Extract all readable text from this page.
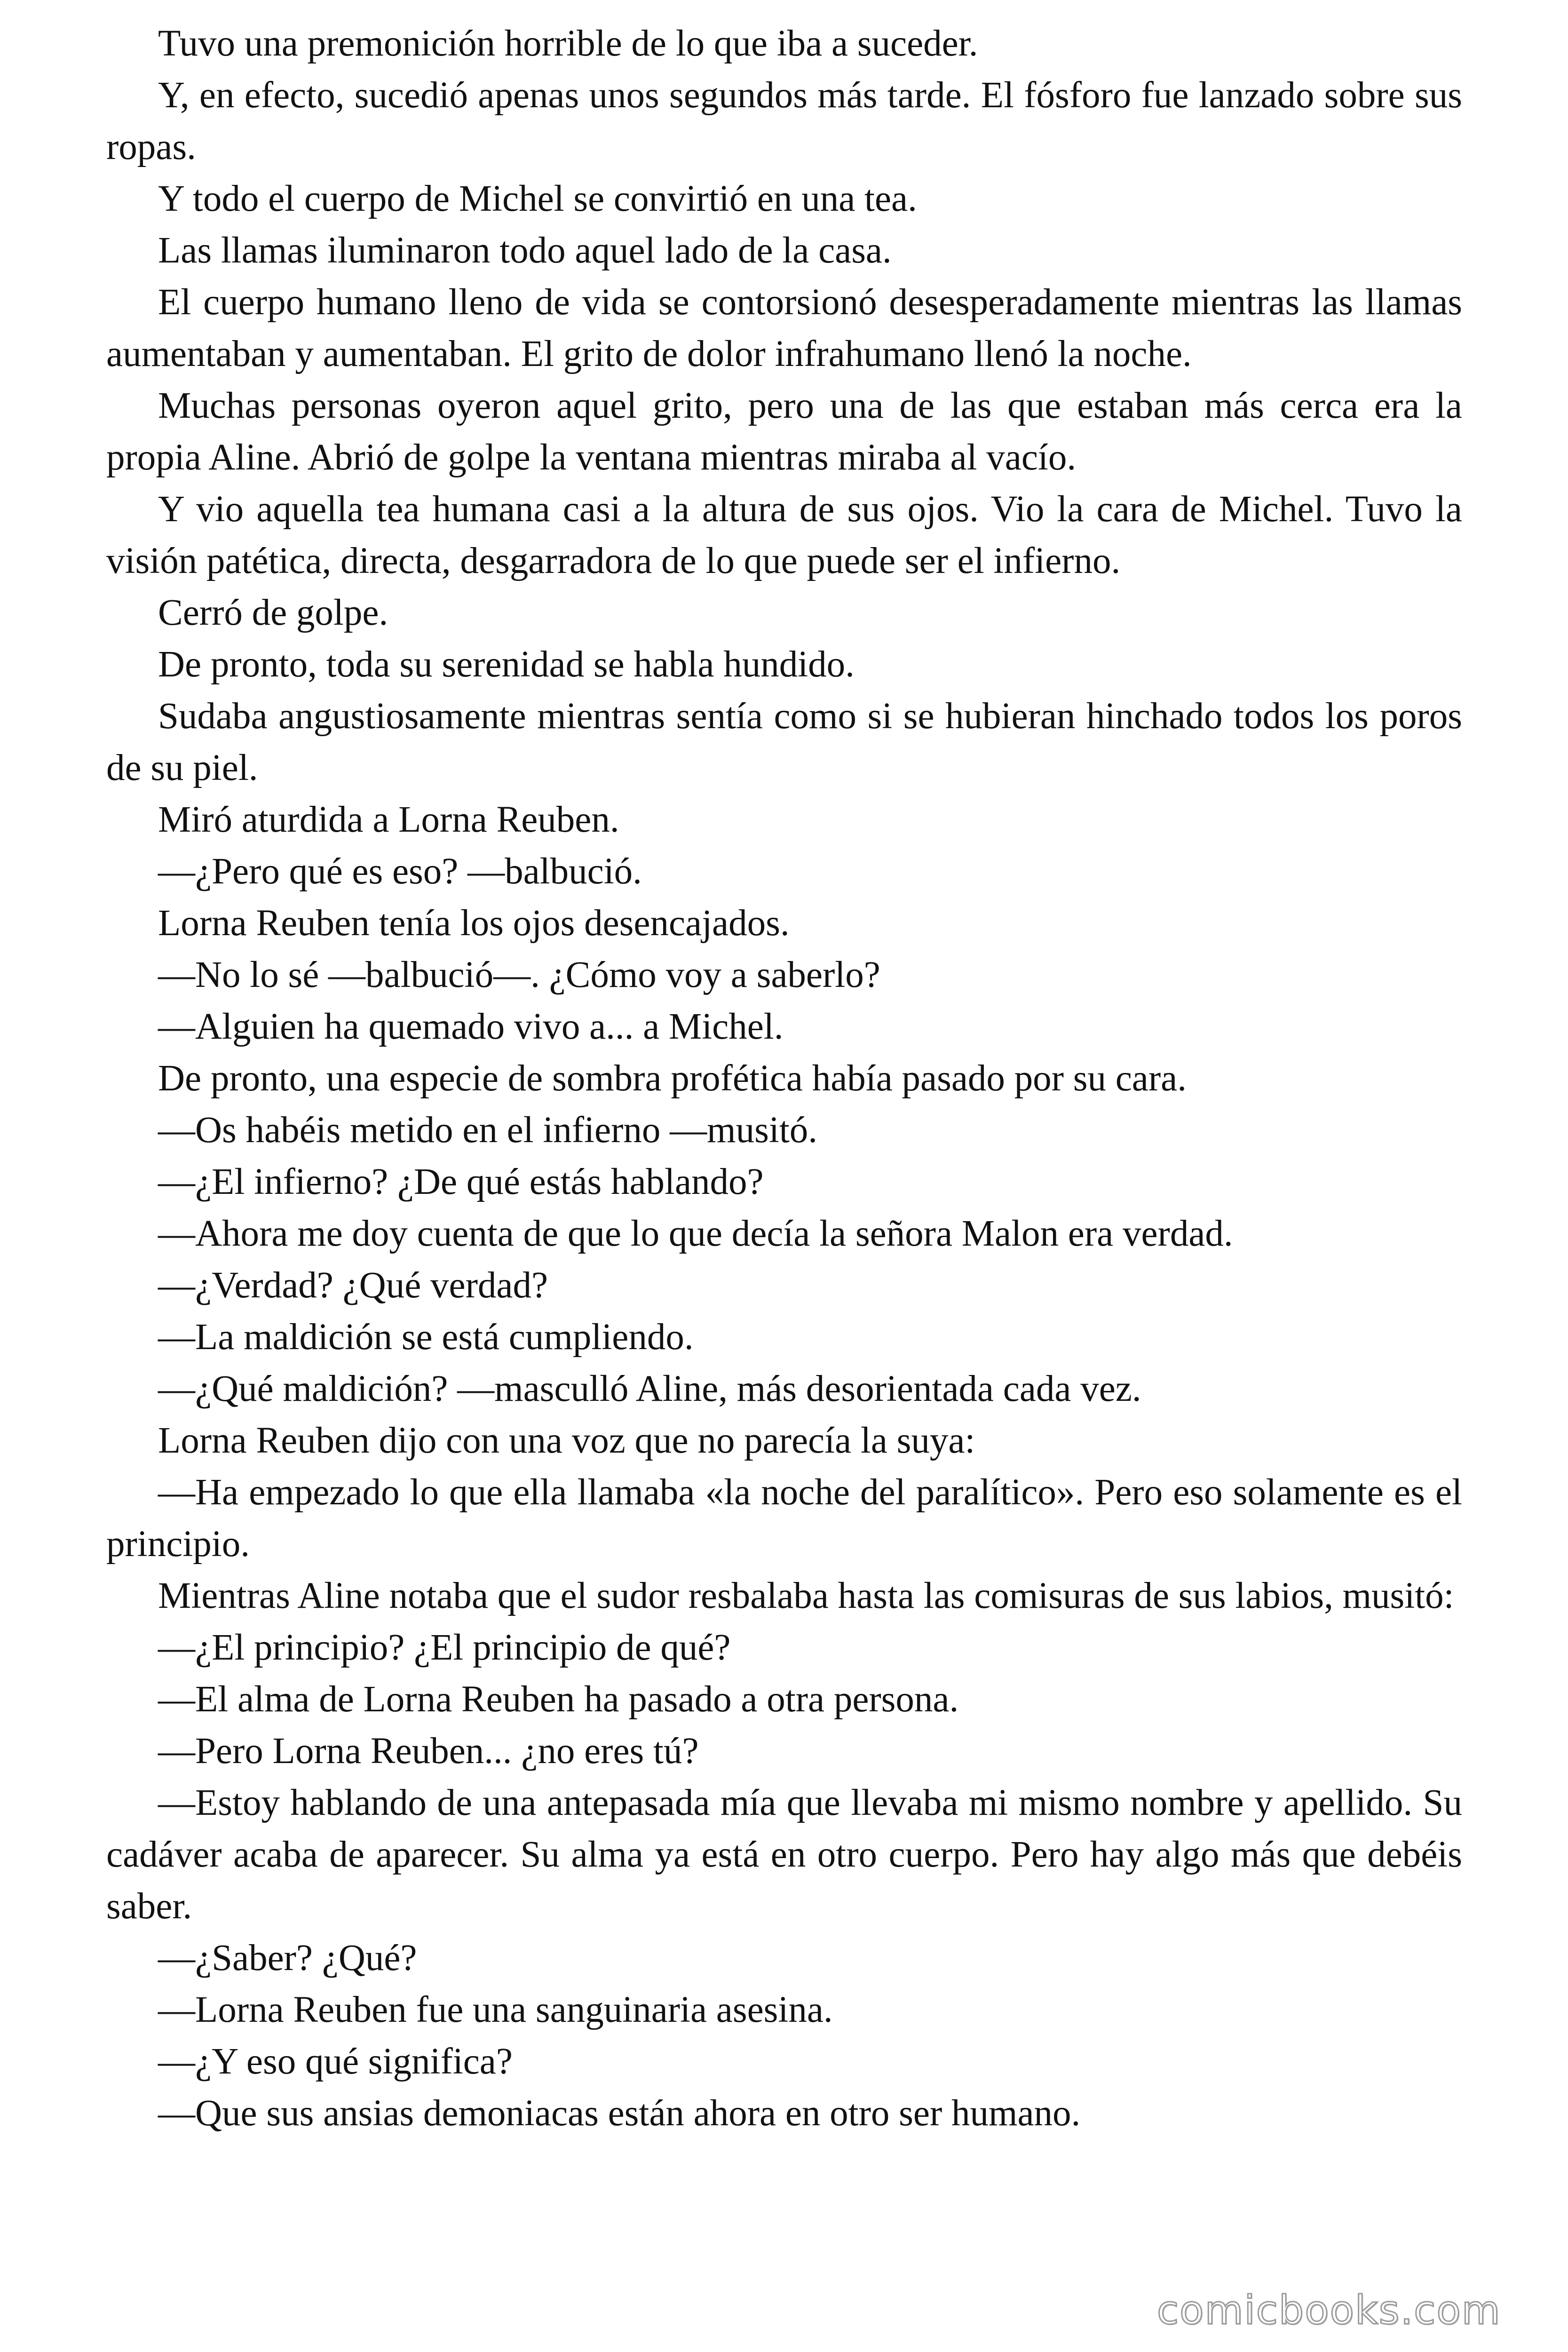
Tuvo una premonición horrible de lo que iba a suceder.

Y, en efecto, sucedió apenas unos segundos más tarde. El fósforo fue lanzado sobre sus ropas.

Y todo el cuerpo de Michel se convirtió en una tea.

Las llamas iluminaron todo aquel lado de la casa.

El cuerpo humano lleno de vida se contorsionó desesperadamente mientras las llamas aumentaban y aumentaban. El grito de dolor infrahumano llenó la noche.

Muchas personas oyeron aquel grito, pero una de las que estaban más cerca era la propia Aline. Abrió de golpe la ventana mientras miraba al vacío.

Y vio aquella tea humana casi a la altura de sus ojos. Vio la cara de Michel. Tuvo la visión patética, directa, desgarradora de lo que puede ser el infierno.

Cerró de golpe.

De pronto, toda su serenidad se habla hundido.

Sudaba angustiosamente mientras sentía como si se hubieran hinchado todos los poros de su piel.

Miró aturdida a Lorna Reuben.

—¿Pero qué es eso? —balbució.

Lorna Reuben tenía los ojos desencajados.

—No lo sé —balbució—. ¿Cómo voy a saberlo?

—Alguien ha quemado vivo a... a Michel.

De pronto, una especie de sombra profética había pasado por su cara.

—Os habéis metido en el infierno —musitó.

—¿El infierno? ¿De qué estás hablando?

—Ahora me doy cuenta de que lo que decía la señora Malon era verdad.

—¿Verdad? ¿Qué verdad?

—La maldición se está cumpliendo.

—¿Qué maldición? —masculló Aline, más desorientada cada vez.

Lorna Reuben dijo con una voz que no parecía la suya:

—Ha empezado lo que ella llamaba «la noche del paralítico». Pero eso solamente es el principio.

Mientras Aline notaba que el sudor resbalaba hasta las comisuras de sus labios, musitó:

—¿El principio? ¿El principio de qué?

—El alma de Lorna Reuben ha pasado a otra persona.

—Pero Lorna Reuben... ¿no eres tú?

—Estoy hablando de una antepasada mía que llevaba mi mismo nombre y apellido. Su cadáver acaba de aparecer. Su alma ya está en otro cuerpo. Pero hay algo más que debéis saber.

—¿Saber? ¿Qué?

—Lorna Reuben fue una sanguinaria asesina.

—¿Y eso qué significa?

—Que sus ansias demoniacas están ahora en otro ser humano.

comicbooks.com
